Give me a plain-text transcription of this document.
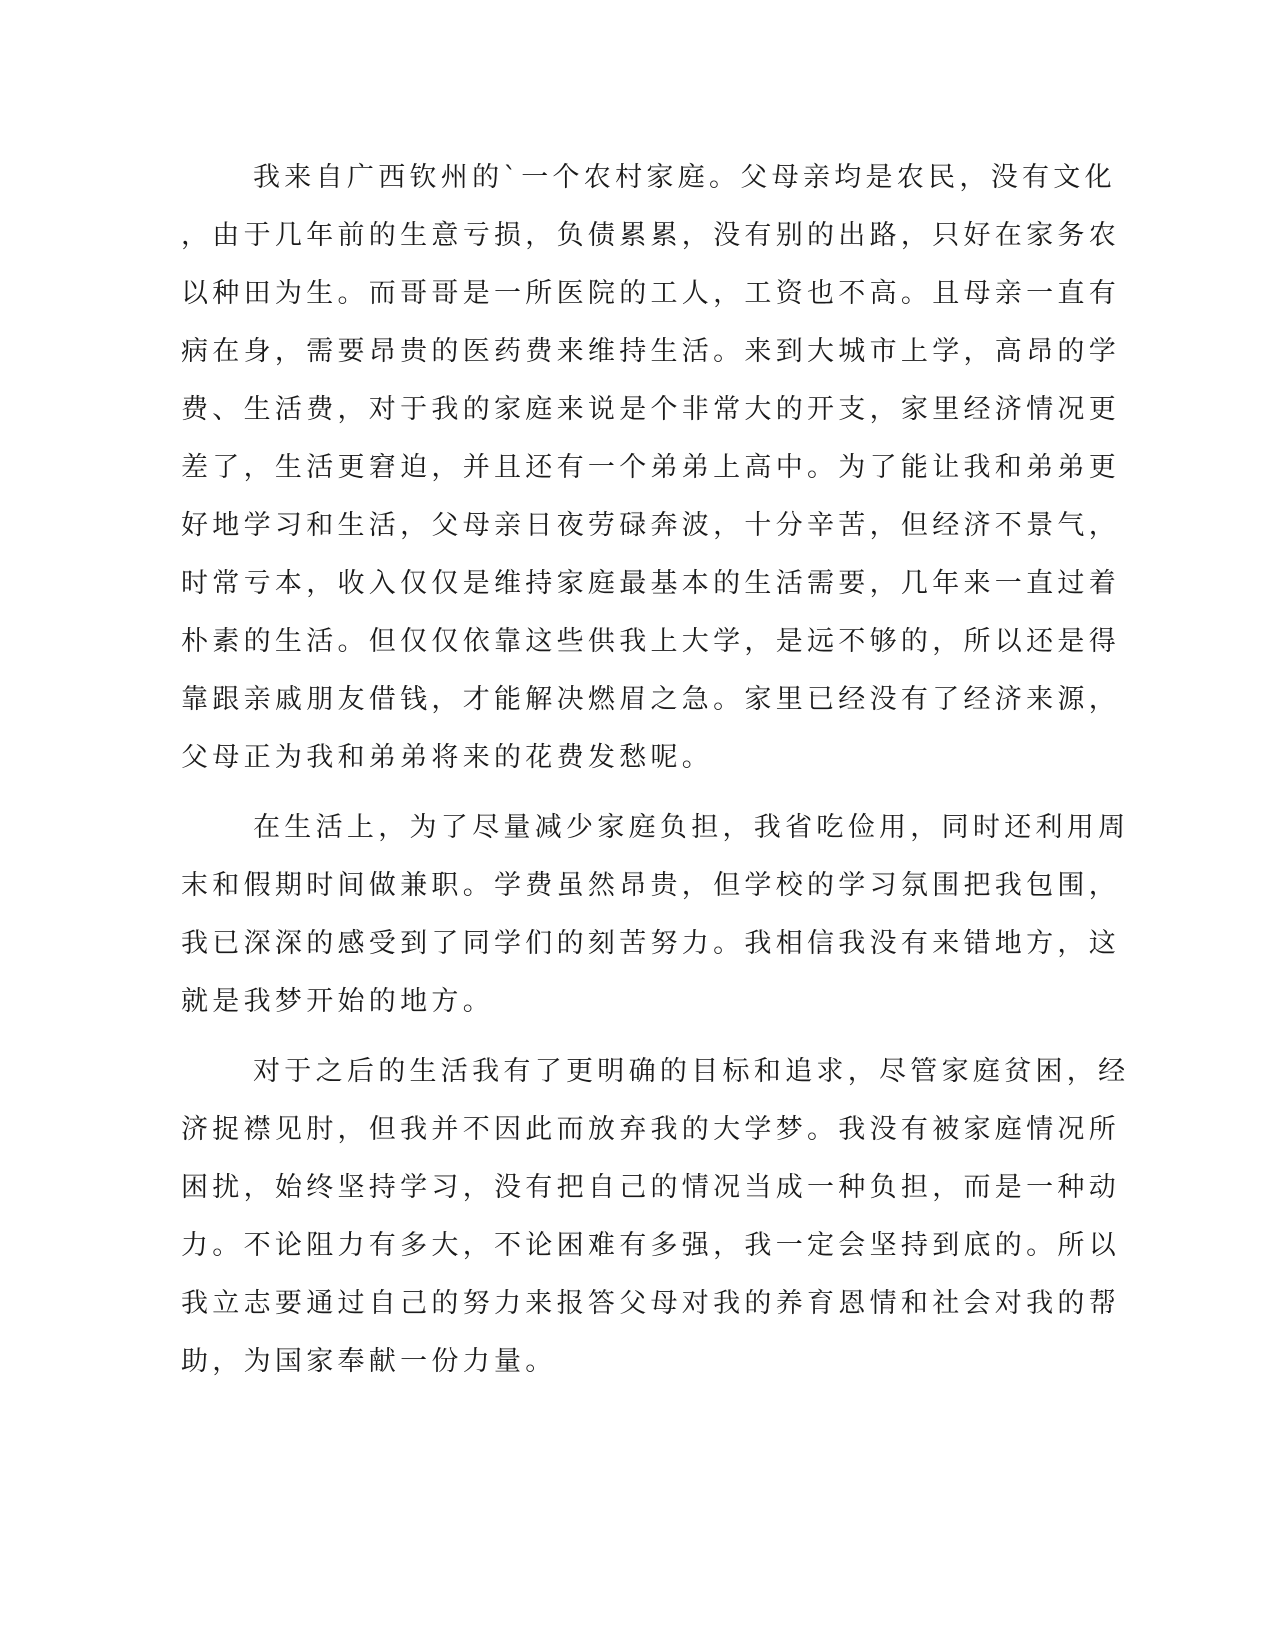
我来自广西钦州的`一个农村家庭。父母亲均是农民，没有文化
，由于几年前的生意亏损，负债累累，没有别的出路，只好在家务农
以种田为生。而哥哥是一所医院的工人，工资也不高。且母亲一直有
病在身，需要昂贵的医药费来维持生活。来到大城市上学，高昂的学
费、生活费，对于我的家庭来说是个非常大的开支，家里经济情况更
差了，生活更窘迫，并且还有一个弟弟上高中。为了能让我和弟弟更
好地学习和生活，父母亲日夜劳碌奔波，十分辛苦，但经济不景气，
时常亏本，收入仅仅是维持家庭最基本的生活需要，几年来一直过着
朴素的生活。但仅仅依靠这些供我上大学，是远不够的，所以还是得
靠跟亲戚朋友借钱，才能解决燃眉之急。家里已经没有了经济来源，
父母正为我和弟弟将来的花费发愁呢。
在生活上，为了尽量减少家庭负担，我省吃俭用，同时还利用周
末和假期时间做兼职。学费虽然昂贵，但学校的学习氛围把我包围，
我已深深的感受到了同学们的刻苦努力。我相信我没有来错地方，这
就是我梦开始的地方。
对于之后的生活我有了更明确的目标和追求，尽管家庭贫困，经
济捉襟见肘，但我并不因此而放弃我的大学梦。我没有被家庭情况所
困扰，始终坚持学习，没有把自己的情况当成一种负担，而是一种动
力。不论阻力有多大，不论困难有多强，我一定会坚持到底的。所以
我立志要通过自己的努力来报答父母对我的养育恩情和社会对我的帮
助，为国家奉献一份力量。
